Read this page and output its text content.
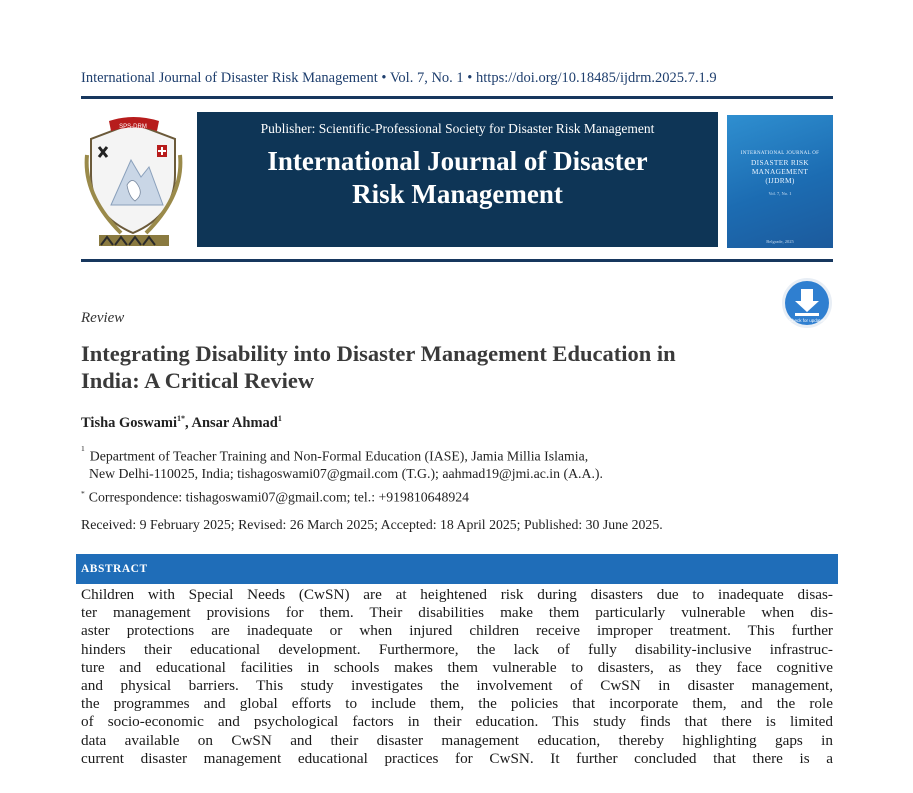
International Journal of Disaster Risk Management • Vol. 7, No. 1 • https://doi.org/10.18485/ijdrm.2025.7.1.9
SPS-DRM	Publisher: Scientific-Professional Society for Disaster Risk Management
International Journal of Disaster
Risk Management
INTERNATIONAL JOURNAL OF
DISASTER RISK
MANAGEMENT
(IJDRM)
Vol. 7, No. 1
Belgrade, 2025
Check for updates
Review
Integrating Disability into Disaster Management Education in
India: A Critical Review
Tisha Goswami$^{1*}$, Ansar Ahmad$^1$
$^1$Department of Teacher Training and Non-Formal Education (IASE), Jamia Millia Islamia,
New Delhi-110025, India; tishagoswami07@gmail.com (T.G.); aahmad19@jmi.ac.in (A.A.).
* Correspondence: tishagoswami07@gmail.com; tel.: +919810648924
Received: 9 February 2025; Revised: 26 March 2025; Accepted: 18 April 2025; Published: 30 June 2025.
ABSTRACT
Children with Special Needs (CwSN) are at heightened risk during disasters due to inadequate disas-
ter management provisions for them. Their disabilities make them particularly vulnerable when dis-
aster protections are inadequate or when injured children receive improper treatment. This further
hinders their educational development. Furthermore, the lack of fully disability-inclusive infrastruc-
ture and educational facilities in schools makes them vulnerable to disasters, as they face cognitive
and physical barriers. This study investigates the involvement of CwSN in disaster management,
the programmes and global efforts to include them, the policies that incorporate them, and the role
of socio-economic and psychological factors in their education. This study finds that there is limited
data available on CwSN and their disaster management education, thereby highlighting gaps in
current disaster management educational practices for CwSN. It further concluded that there is a
